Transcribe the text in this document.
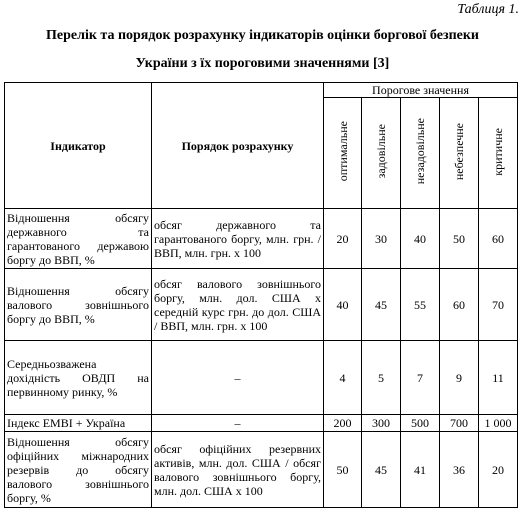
Таблиця 1.
Перелік та порядок розрахунку індикаторів оцінки боргової безпеки
України з їх пороговими значеннями [3]
Індикатор	Порядок розрахунку	Порогове значення				
		оптимальне	задовільне	незадовільне	небезпечне	критичне
Відношення обсягу державного та гарантованого державою боргу до ВВП, %	обсяг державного та гарантованого боргу, млн. грн. / ВВП, млн. грн. х 100	20	30	40	50	60
Відношення обсягу валового зовнішнього боргу до ВВП, %	обсяг валового зовнішнього боргу, млн. дол. США х середній курс грн. до дол. США / ВВП, млн. грн. х 100	40	45	55	60	70
Середньозважена дохідність ОВДП на первинному ринку, %	–	4	5	7	9	11
Індекс ЕМВІ + Україна	–	200	300	500	700	1 000
Відношення обсягу офіційних міжнародних резервів до обсягу валового зовнішнього боргу, %	обсяг офіційних резервних активів, млн. дол. США / обсяг валового зовнішнього боргу, млн. дол. США х 100	50	45	41	36	20
